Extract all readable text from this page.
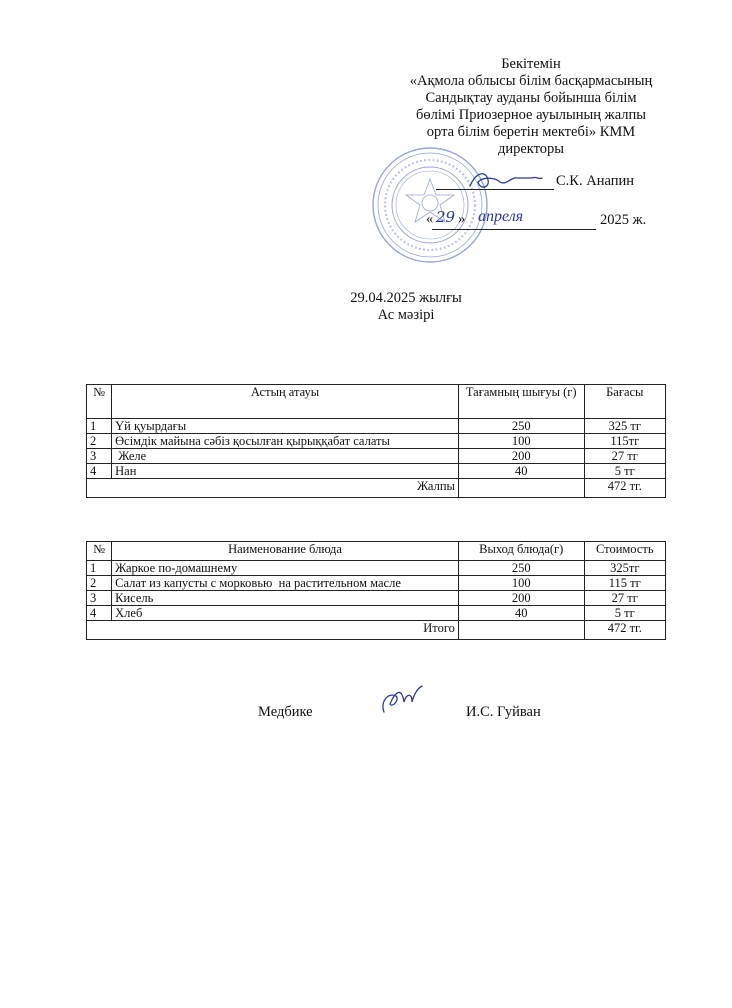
Бекітемін
«Ақмола облысы білім басқармасының
Сандықтау ауданы бойынша білім
бөлімі Приозерное ауылының жалпы
орта білім беретін мектебі» КММ
директоры
С.К. Анапин
« 29 » апреля	2025 ж.
29.04.2025 жылғы
Ас мәзірі
№	Астың атауы	Тағамның шығуы (г)	Бағасы
1	Үй қуырдағы	250	325 тг
2	Өсімдік майына сәбіз қосылған қырыққабат салаты	100	115тг
3	Желе	200	27 тг
4	Нан	40	5 тг
	Жалпы		472 тг.
№	Наименование блюда	Выход блюда(г)	Стоимость
1	Жаркое по-домашнему	250	325тг
2	Салат из капусты с морковью  на растительном масле	100	115 тг
3	Кисель	200	27 тг
4	Хлеб	40	5 тг
	Итого		472 тг.
Медбике	И.С. Гуйван
